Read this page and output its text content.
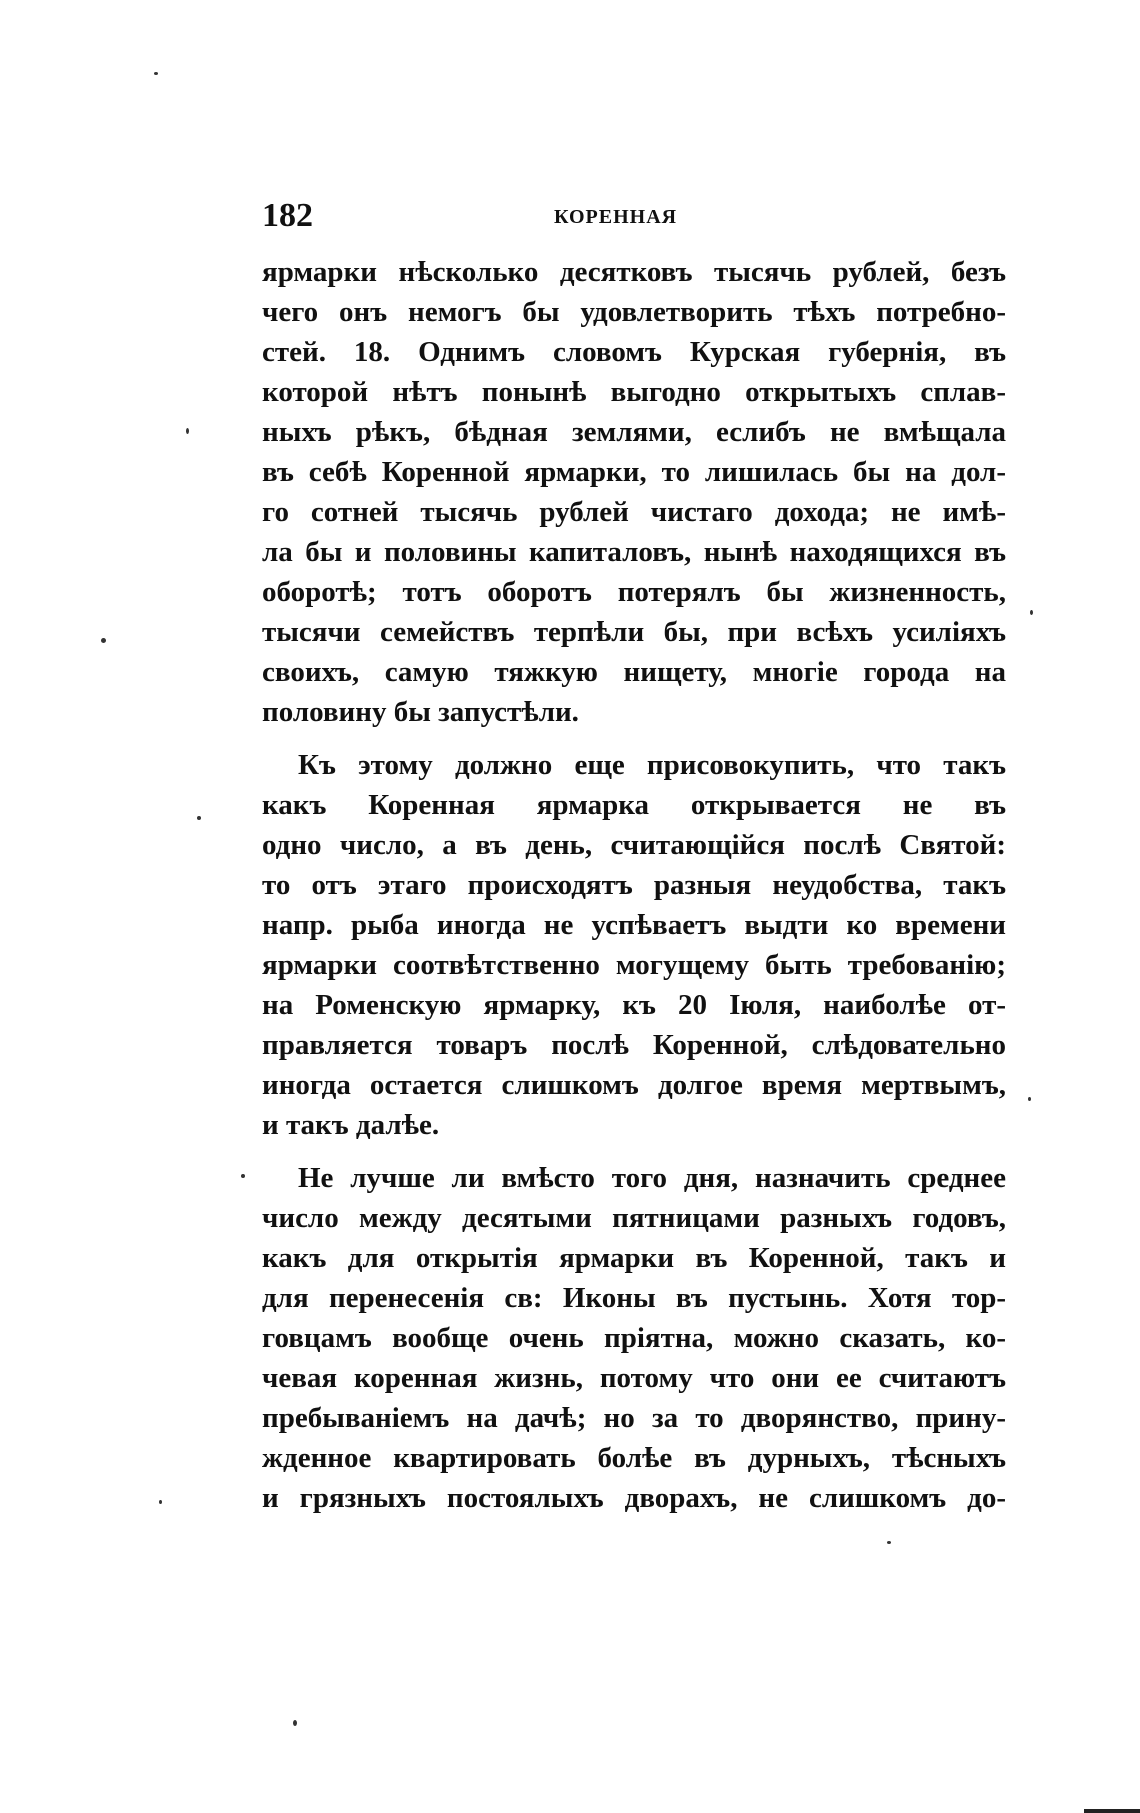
182	КОРЕННАЯ
ярмарки нѣсколько десятковъ тысячь рублей, безъ
чего онъ немогъ бы удовлетворить тѣхъ потребно-
стей. 18. Однимъ словомъ Курская губернія, въ
которой нѣтъ понынѣ выгодно открытыхъ сплав-
ныхъ рѣкъ, бѣдная землями, еслибъ не вмѣщала
въ себѣ Коренной ярмарки, то лишилась бы на дол-
го сотней тысячь рублей чистаго дохода; не имѣ-
ла бы и половины капиталовъ, нынѣ находящихся въ
оборотѣ; тотъ оборотъ потерялъ бы жизненность,
тысячи семействъ терпѣли бы, при всѣхъ усиліяхъ
своихъ, самую тяжкую нищету, многіе города на
половину бы запустѣли.
Къ этому должно еще присовокупить, что такъ
какъ Коренная ярмарка открывается не въ
одно число, а въ день, считающійся послѣ Святой:
то отъ этаго происходятъ разныя неудобства, такъ
напр. рыба иногда не успѣваетъ выдти ко времени
ярмарки соотвѣтственно могущему быть требованію;
на Роменскую ярмарку, къ 20 Іюля, наиболѣе от-
правляется товаръ послѣ Коренной, слѣдовательно
иногда остается слишкомъ долгое время мертвымъ,
и такъ далѣе.
Не лучше ли вмѣсто того дня, назначить среднее
число между десятыми пятницами разныхъ годовъ,
какъ для открытія ярмарки въ Коренной, такъ и
для перенесенія св: Иконы въ пустынь. Хотя тор-
говцамъ вообще очень пріятна, можно сказать, ко-
чевая коренная жизнь, потому что они ее считаютъ
пребываніемъ на дачѣ; но за то дворянство, прину-
жденное квартировать болѣе въ дурныхъ, тѣсныхъ
и грязныхъ постоялыхъ дворахъ, не слишкомъ до-
